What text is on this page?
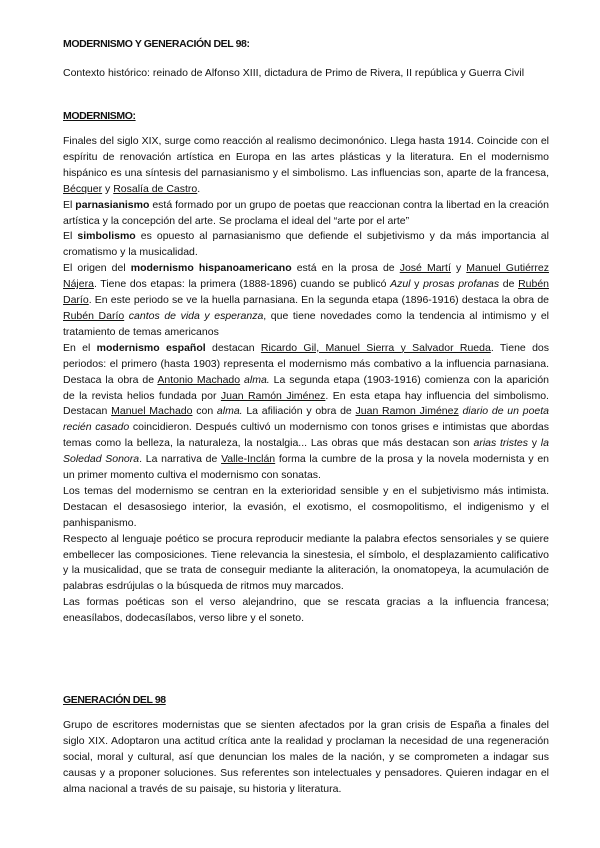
MODERNISMO Y GENERACIÓN DEL 98:

Contexto histórico: reinado de Alfonso XIII, dictadura de Primo de Rivera, II república y Guerra Civil

MODERNISMO:

Finales del siglo XIX, surge como reacción al realismo decimonónico. Llega hasta 1914. Coincide con el espíritu de renovación artística en Europa en las artes plásticas y la literatura. En el modernismo hispánico es una síntesis del parnasianismo y el simbolismo. Las influencias son, aparte de la francesa, Bécquer y Rosalía de Castro.

El parnasianismo está formado por un grupo de poetas que reaccionan contra la libertad en la creación artística y la concepción del arte. Se proclama el ideal del “arte por el arte”

El simbolismo es opuesto al parnasianismo que defiende el subjetivismo y da más importancia al cromatismo y la musicalidad.

El origen del modernismo hispanoamericano está en la prosa de José Martí y Manuel Gutiérrez Nájera. Tiene dos etapas: la primera (1888-1896) cuando se publicó Azul y prosas profanas de Rubén Darío. En este periodo se ve la huella parnasiana. En la segunda etapa (1896-1916) destaca la obra de Rubén Darío cantos de vida y esperanza, que tiene novedades como la tendencia al intimismo y el tratamiento de temas americanos

En el modernismo español destacan Ricardo Gil, Manuel Sierra y Salvador Rueda. Tiene dos periodos: el primero (hasta 1903) representa el modernismo más combativo a la influencia parnasiana. Destaca la obra de Antonio Machado alma. La segunda etapa (1903-1916) comienza con la aparición de la revista helios fundada por Juan Ramón Jiménez. En esta etapa hay influencia del simbolismo. Destacan Manuel Machado con alma. La afiliación y obra de Juan Ramon Jiménez diario de un poeta recién casado coincidieron. Después cultivó un modernismo con tonos grises e intimistas que abordas temas como la belleza, la naturaleza, la nostalgia... Las obras que más destacan son arias tristes y la Soledad Sonora. La narrativa de Valle-Inclán forma la cumbre de la prosa y la novela modernista y en un primer momento cultiva el modernismo con sonatas.

Los temas del modernismo se centran en la exterioridad sensible y en el subjetivismo más intimista. Destacan el desasosiego interior, la evasión, el exotismo, el cosmopolitismo, el indigenismo y el panhispanismo.

Respecto al lenguaje poético se procura reproducir mediante la palabra efectos sensoriales y se quiere embellecer las composiciones. Tiene relevancia la sinestesia, el símbolo, el desplazamiento calificativo y la musicalidad, que se trata de conseguir mediante la aliteración, la onomatopeya, la acumulación de palabras esdrújulas o la búsqueda de ritmos muy marcados.

Las formas poéticas son el verso alejandrino, que se rescata gracias a la influencia francesa; eneasílabos, dodecasílabos, verso libre y el soneto.

GENERACIÓN DEL 98

Grupo de escritores modernistas que se sienten afectados por la gran crisis de España a finales del siglo XIX. Adoptaron una actitud crítica ante la realidad y proclaman la necesidad de una regeneración social, moral y cultural, así que denuncian los males de la nación, y se comprometen a indagar sus causas y a proponer soluciones. Sus referentes son intelectuales y pensadores. Quieren indagar en el alma nacional a través de su paisaje, su historia y literatura.
